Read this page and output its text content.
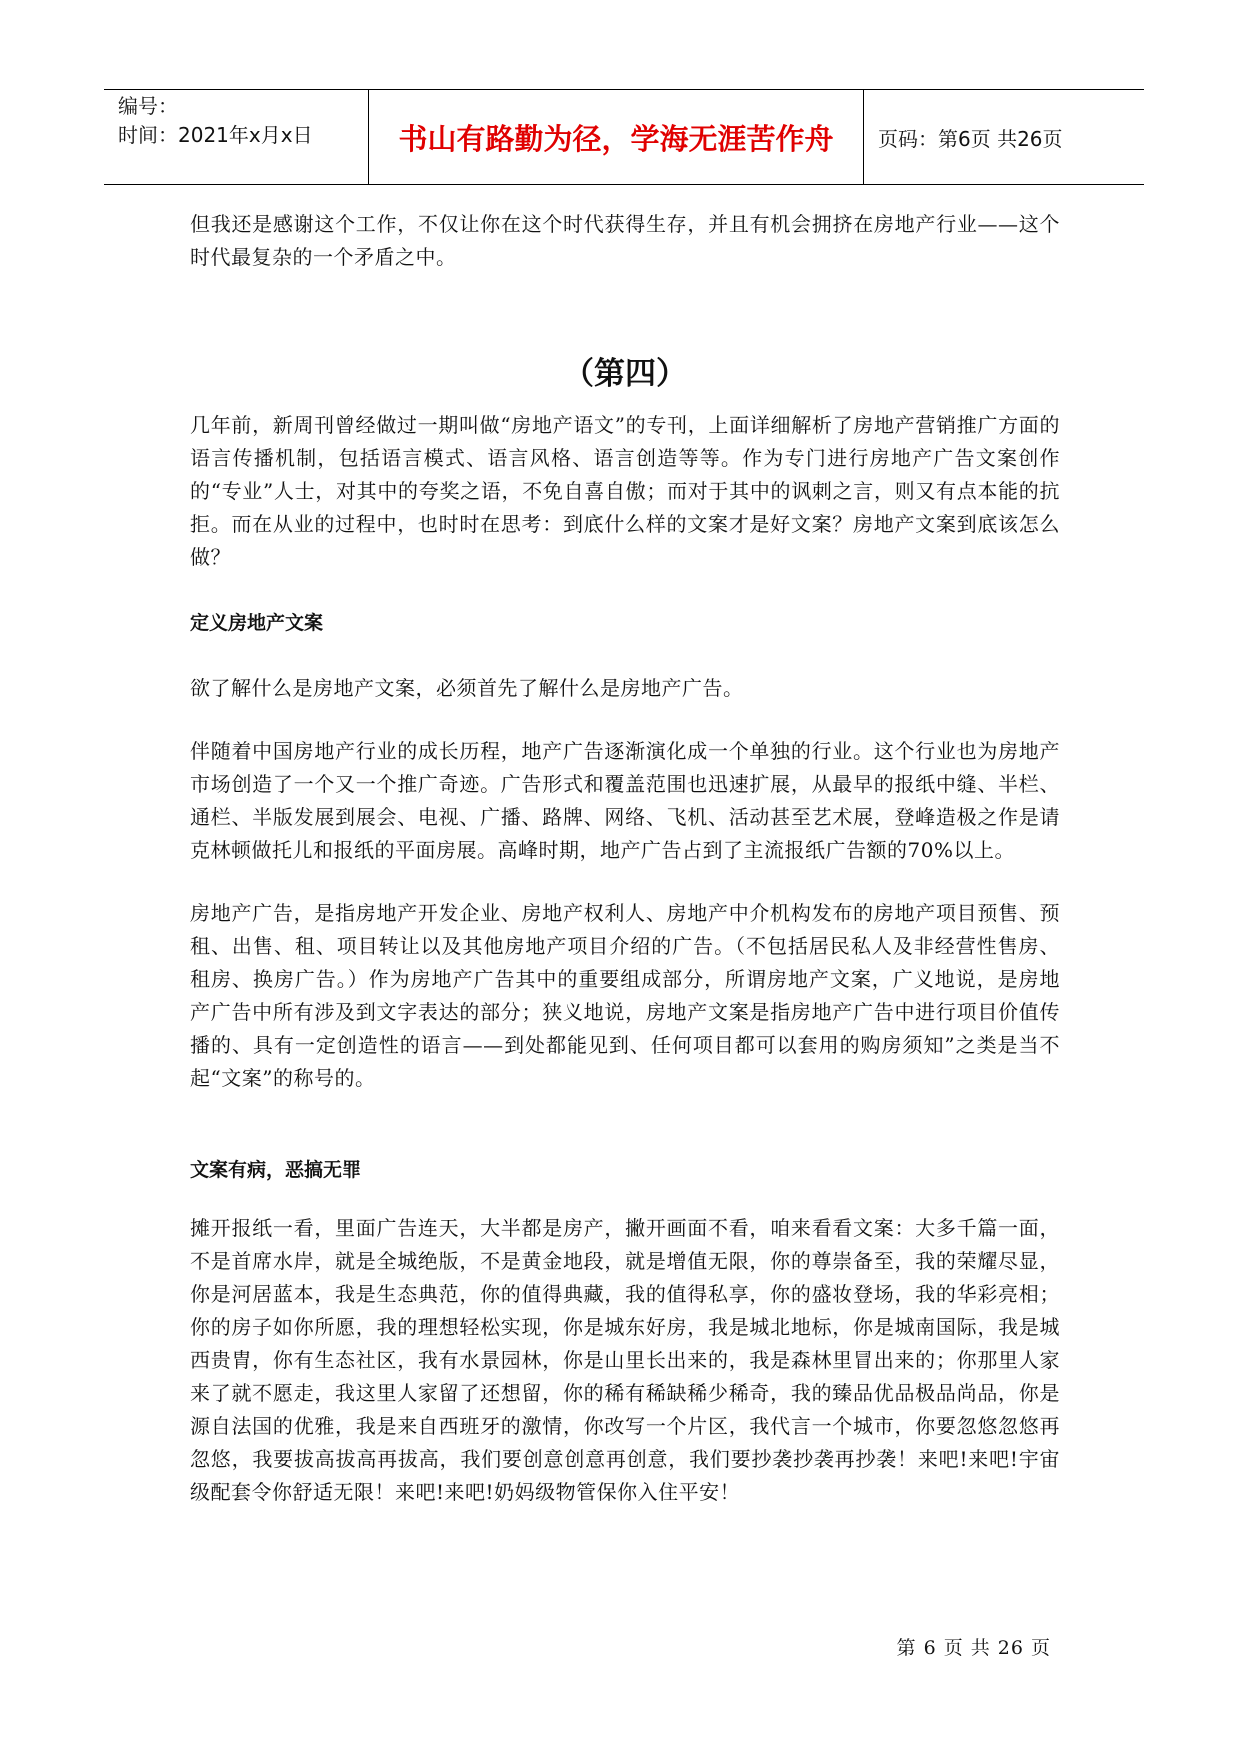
编号：
时间：2021年x月x日	书山有路勤为径，学海无涯苦作舟 页码：第6页 共26页

但我还是感谢这个工作，不仅让你在这个时代获得生存，并且有机会拥挤在房地产行业——这个时代最复杂的一个矛盾之中。

（第四）

几年前，新周刊曾经做过一期叫做“房地产语文”的专刊，上面详细解析了房地产营销推广方面的语言传播机制，包括语言模式、语言风格、语言创造等等。作为专门进行房地产广告文案创作的“专业”人士，对其中的夸奖之语，不免自喜自傲；而对于其中的讽刺之言，则又有点本能的抗拒。而在从业的过程中，也时时在思考：到底什么样的文案才是好文案？房地产文案到底该怎么做？

定义房地产文案

欲了解什么是房地产文案，必须首先了解什么是房地产广告。

伴随着中国房地产行业的成长历程，地产广告逐渐演化成一个单独的行业。这个行业也为房地产市场创造了一个又一个推广奇迹。广告形式和覆盖范围也迅速扩展，从最早的报纸中缝、半栏、通栏、半版发展到展会、电视、广播、路牌、网络、飞机、活动甚至艺术展，登峰造极之作是请克林顿做托儿和报纸的平面房展。高峰时期，地产广告占到了主流报纸广告额的70%以上。

房地产广告，是指房地产开发企业、房地产权利人、房地产中介机构发布的房地产项目预售、预租、出售、租、项目转让以及其他房地产项目介绍的广告。（不包括居民私人及非经营性售房、租房、换房广告。）作为房地产广告其中的重要组成部分，所谓房地产文案，广义地说，是房地产广告中所有涉及到文字表达的部分；狭义地说，房地产文案是指房地产广告中进行项目价值传播的、具有一定创造性的语言——到处都能见到、任何项目都可以套用的购房须知”之类是当不起“文案”的称号的。

文案有病，恶搞无罪

摊开报纸一看，里面广告连天，大半都是房产，撇开画面不看，咱来看看文案：大多千篇一面，不是首席水岸，就是全城绝版，不是黄金地段，就是增值无限，你的尊崇备至，我的荣耀尽显，你是河居蓝本，我是生态典范，你的值得典藏，我的值得私享，你的盛妆登场，我的华彩亮相；你的房子如你所愿，我的理想轻松实现，你是城东好房，我是城北地标，你是城南国际，我是城西贵胄，你有生态社区，我有水景园林，你是山里长出来的，我是森林里冒出来的；你那里人家来了就不愿走，我这里人家留了还想留，你的稀有稀缺稀少稀奇，我的臻品优品极品尚品，你是源自法国的优雅，我是来自西班牙的激情，你改写一个片区，我代言一个城市，你要忽悠忽悠再忽悠，我要拔高拔高再拔高，我们要创意创意再创意，我们要抄袭抄袭再抄袭！来吧!来吧!宇宙级配套令你舒适无限！来吧!来吧!奶妈级物管保你入住平安！

第 6 页 共 26 页
